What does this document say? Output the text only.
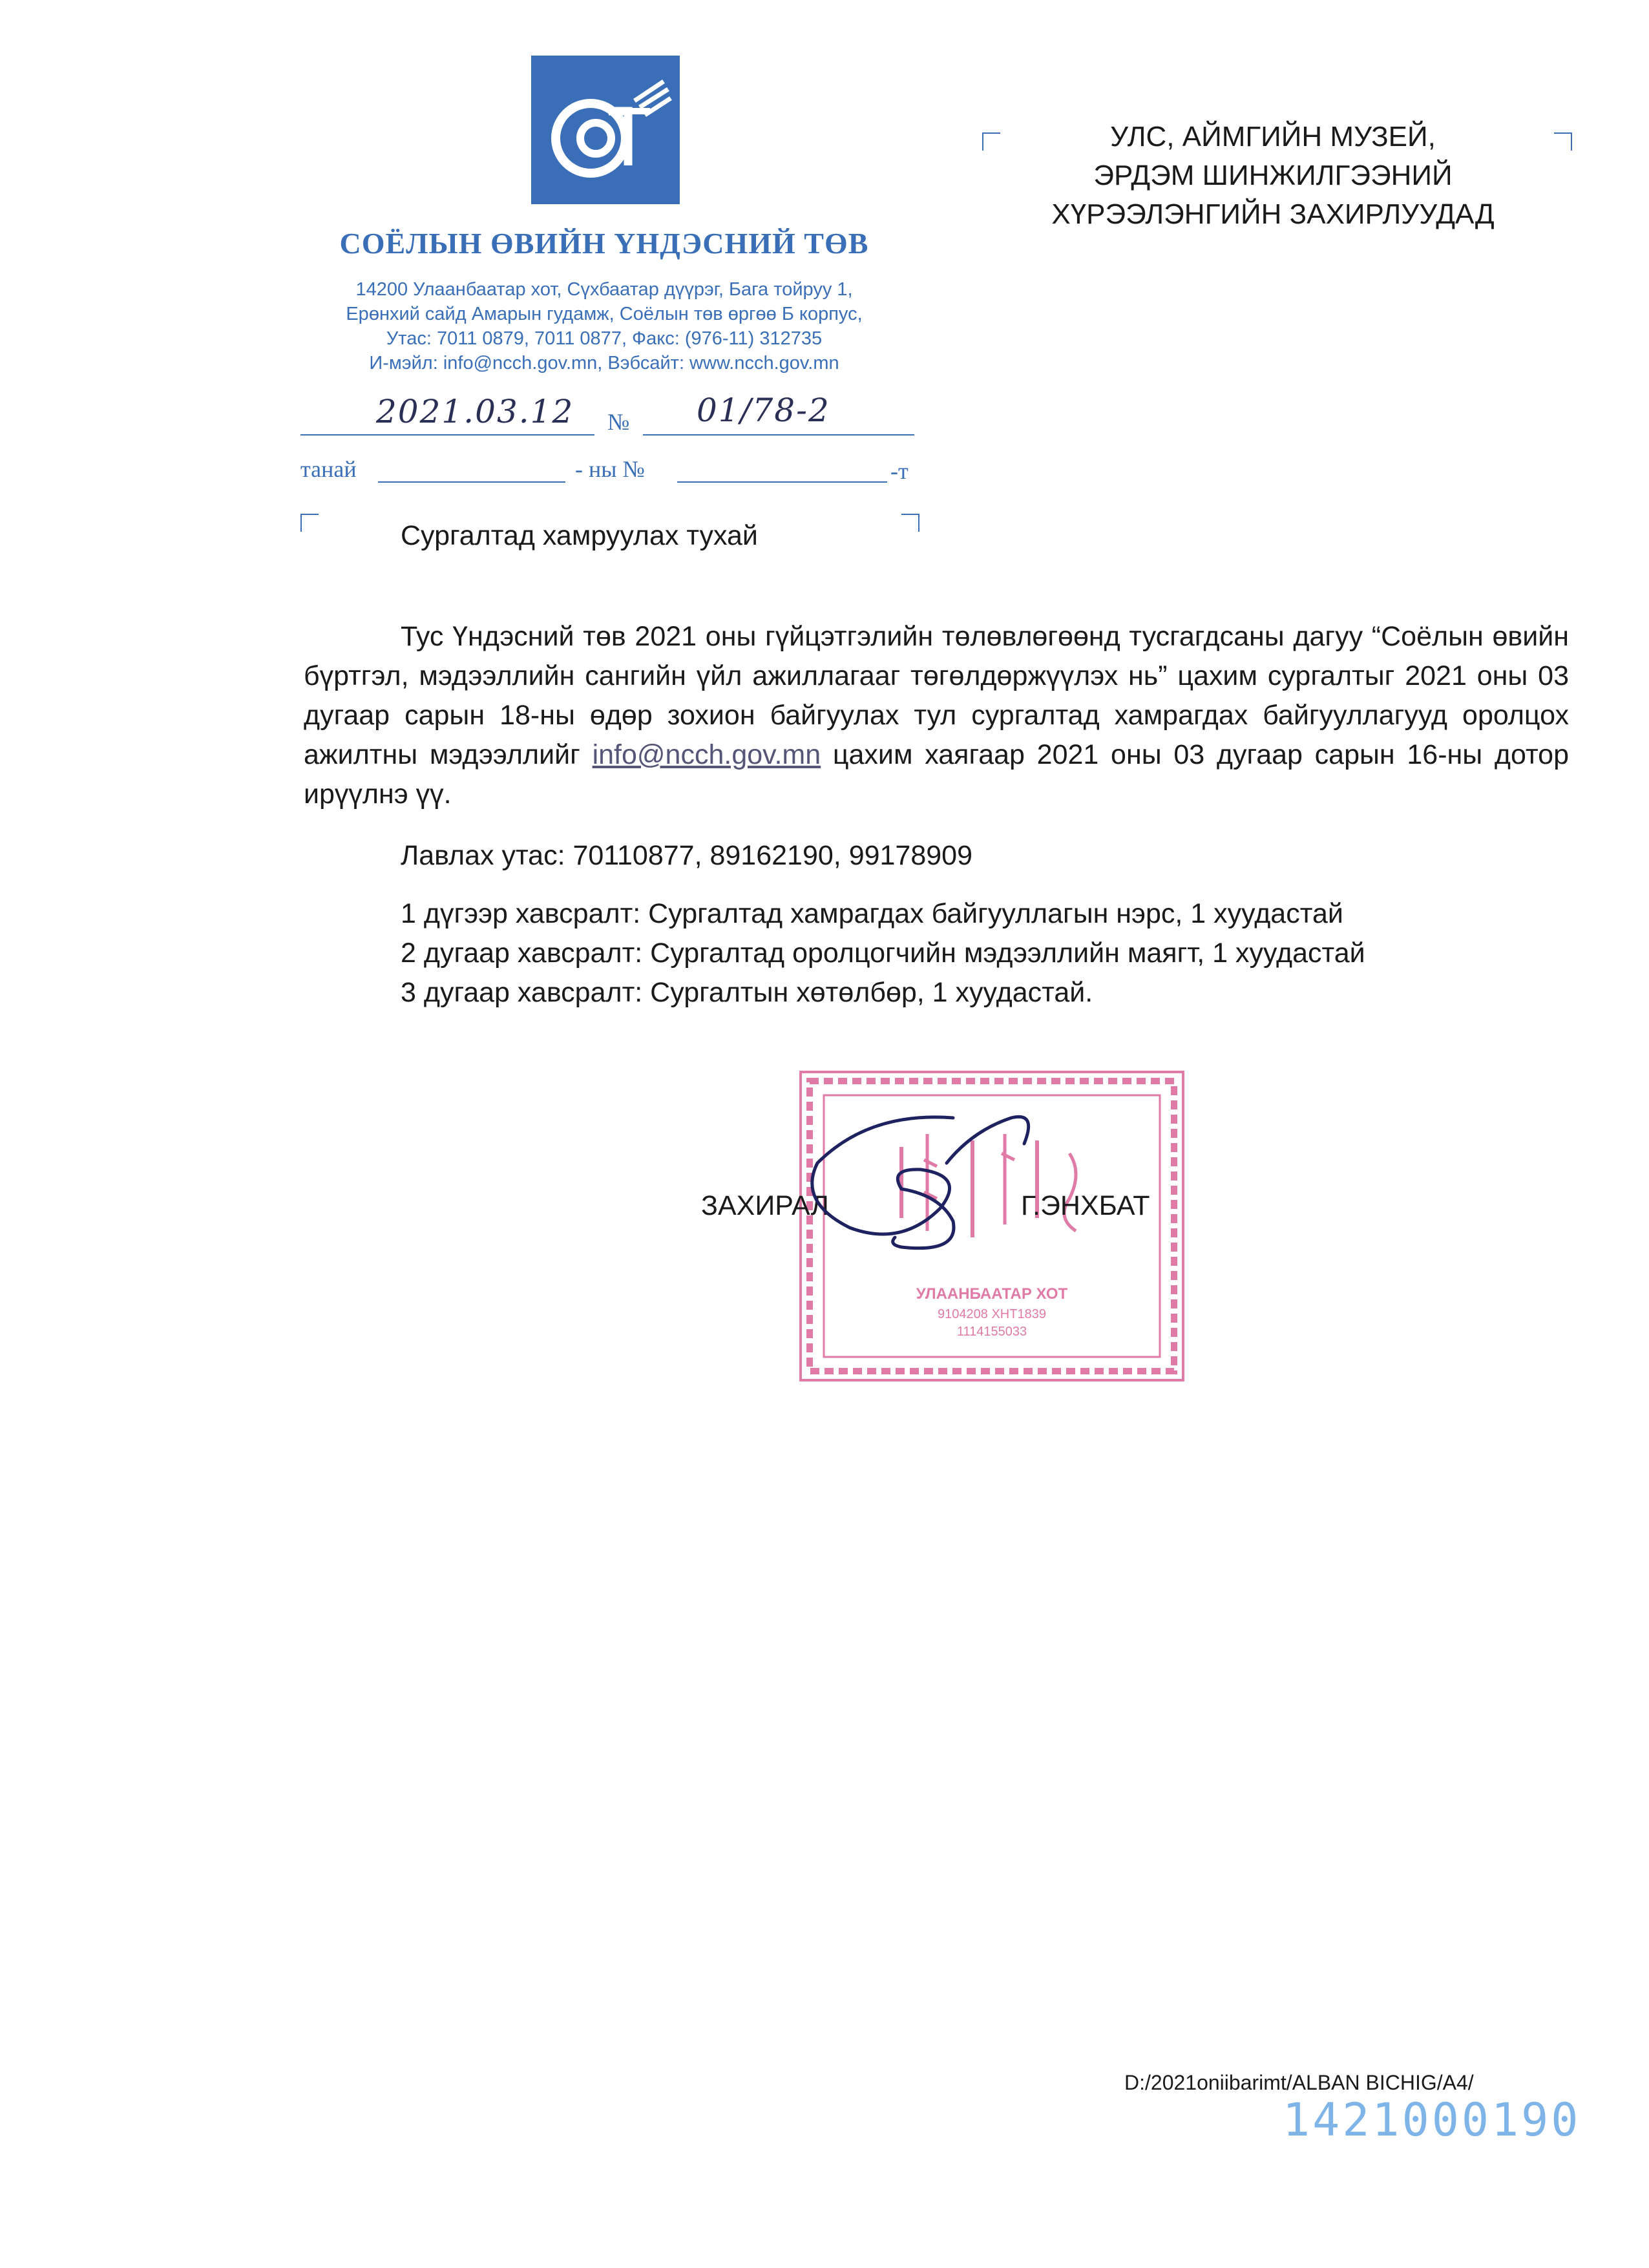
СОЁЛЫН ӨВИЙН ҮНДЭСНИЙ ТӨВ
14200 Улаанбаатар хот, Сүхбаатар дүүрэг, Бага тойруу 1,
Ерөнхий сайд Амарын гудамж, Соёлын төв өргөө Б корпус,
Утас: 7011 0879, 7011 0877, Факс: (976-11) 312735
И-мэйл: info@ncch.gov.mn, Вэбсайт: www.ncch.gov.mn
2021.03.12 № 01/78-2
танай	- ны №	-т
УЛС, АЙМГИЙН МУЗЕЙ,
ЭРДЭМ ШИНЖИЛГЭЭНИЙ
ХҮРЭЭЛЭНГИЙН ЗАХИРЛУУДАД
Сургалтад хамруулах тухай
Тус Үндэсний төв 2021 оны гүйцэтгэлийн төлөвлөгөөнд тусгагдсаны дагуу “Соёлын өвийн бүртгэл, мэдээллийн сангийн үйл ажиллагааг төгөлдөржүүлэх нь” цахим сургалтыг 2021 оны 03 дугаар сарын 18-ны өдөр зохион байгуулах тул сургалтад хамрагдах байгууллагууд оролцох ажилтны мэдээллийг info@ncch.gov.mn цахим хаягаар 2021 оны 03 дугаар сарын 16-ны дотор ирүүлнэ үү.
Лавлах утас: 70110877, 89162190, 99178909
1 дүгээр хавсралт: Сургалтад хамрагдах байгууллагын нэрс, 1 хуудастай
2 дугаар хавсралт: Сургалтад оролцогчийн мэдээллийн маягт, 1 хуудастай
3 дугаар хавсралт: Сургалтын хөтөлбөр, 1 хуудастай.
УЛААНБААТАР ХОТ
9104208 ХНТ1839
1114155033
ЗАХИРАЛ	Г.ЭНХБАТ
D:/2021oniibarimt/ALBAN BICHIG/A4/
1421000190
